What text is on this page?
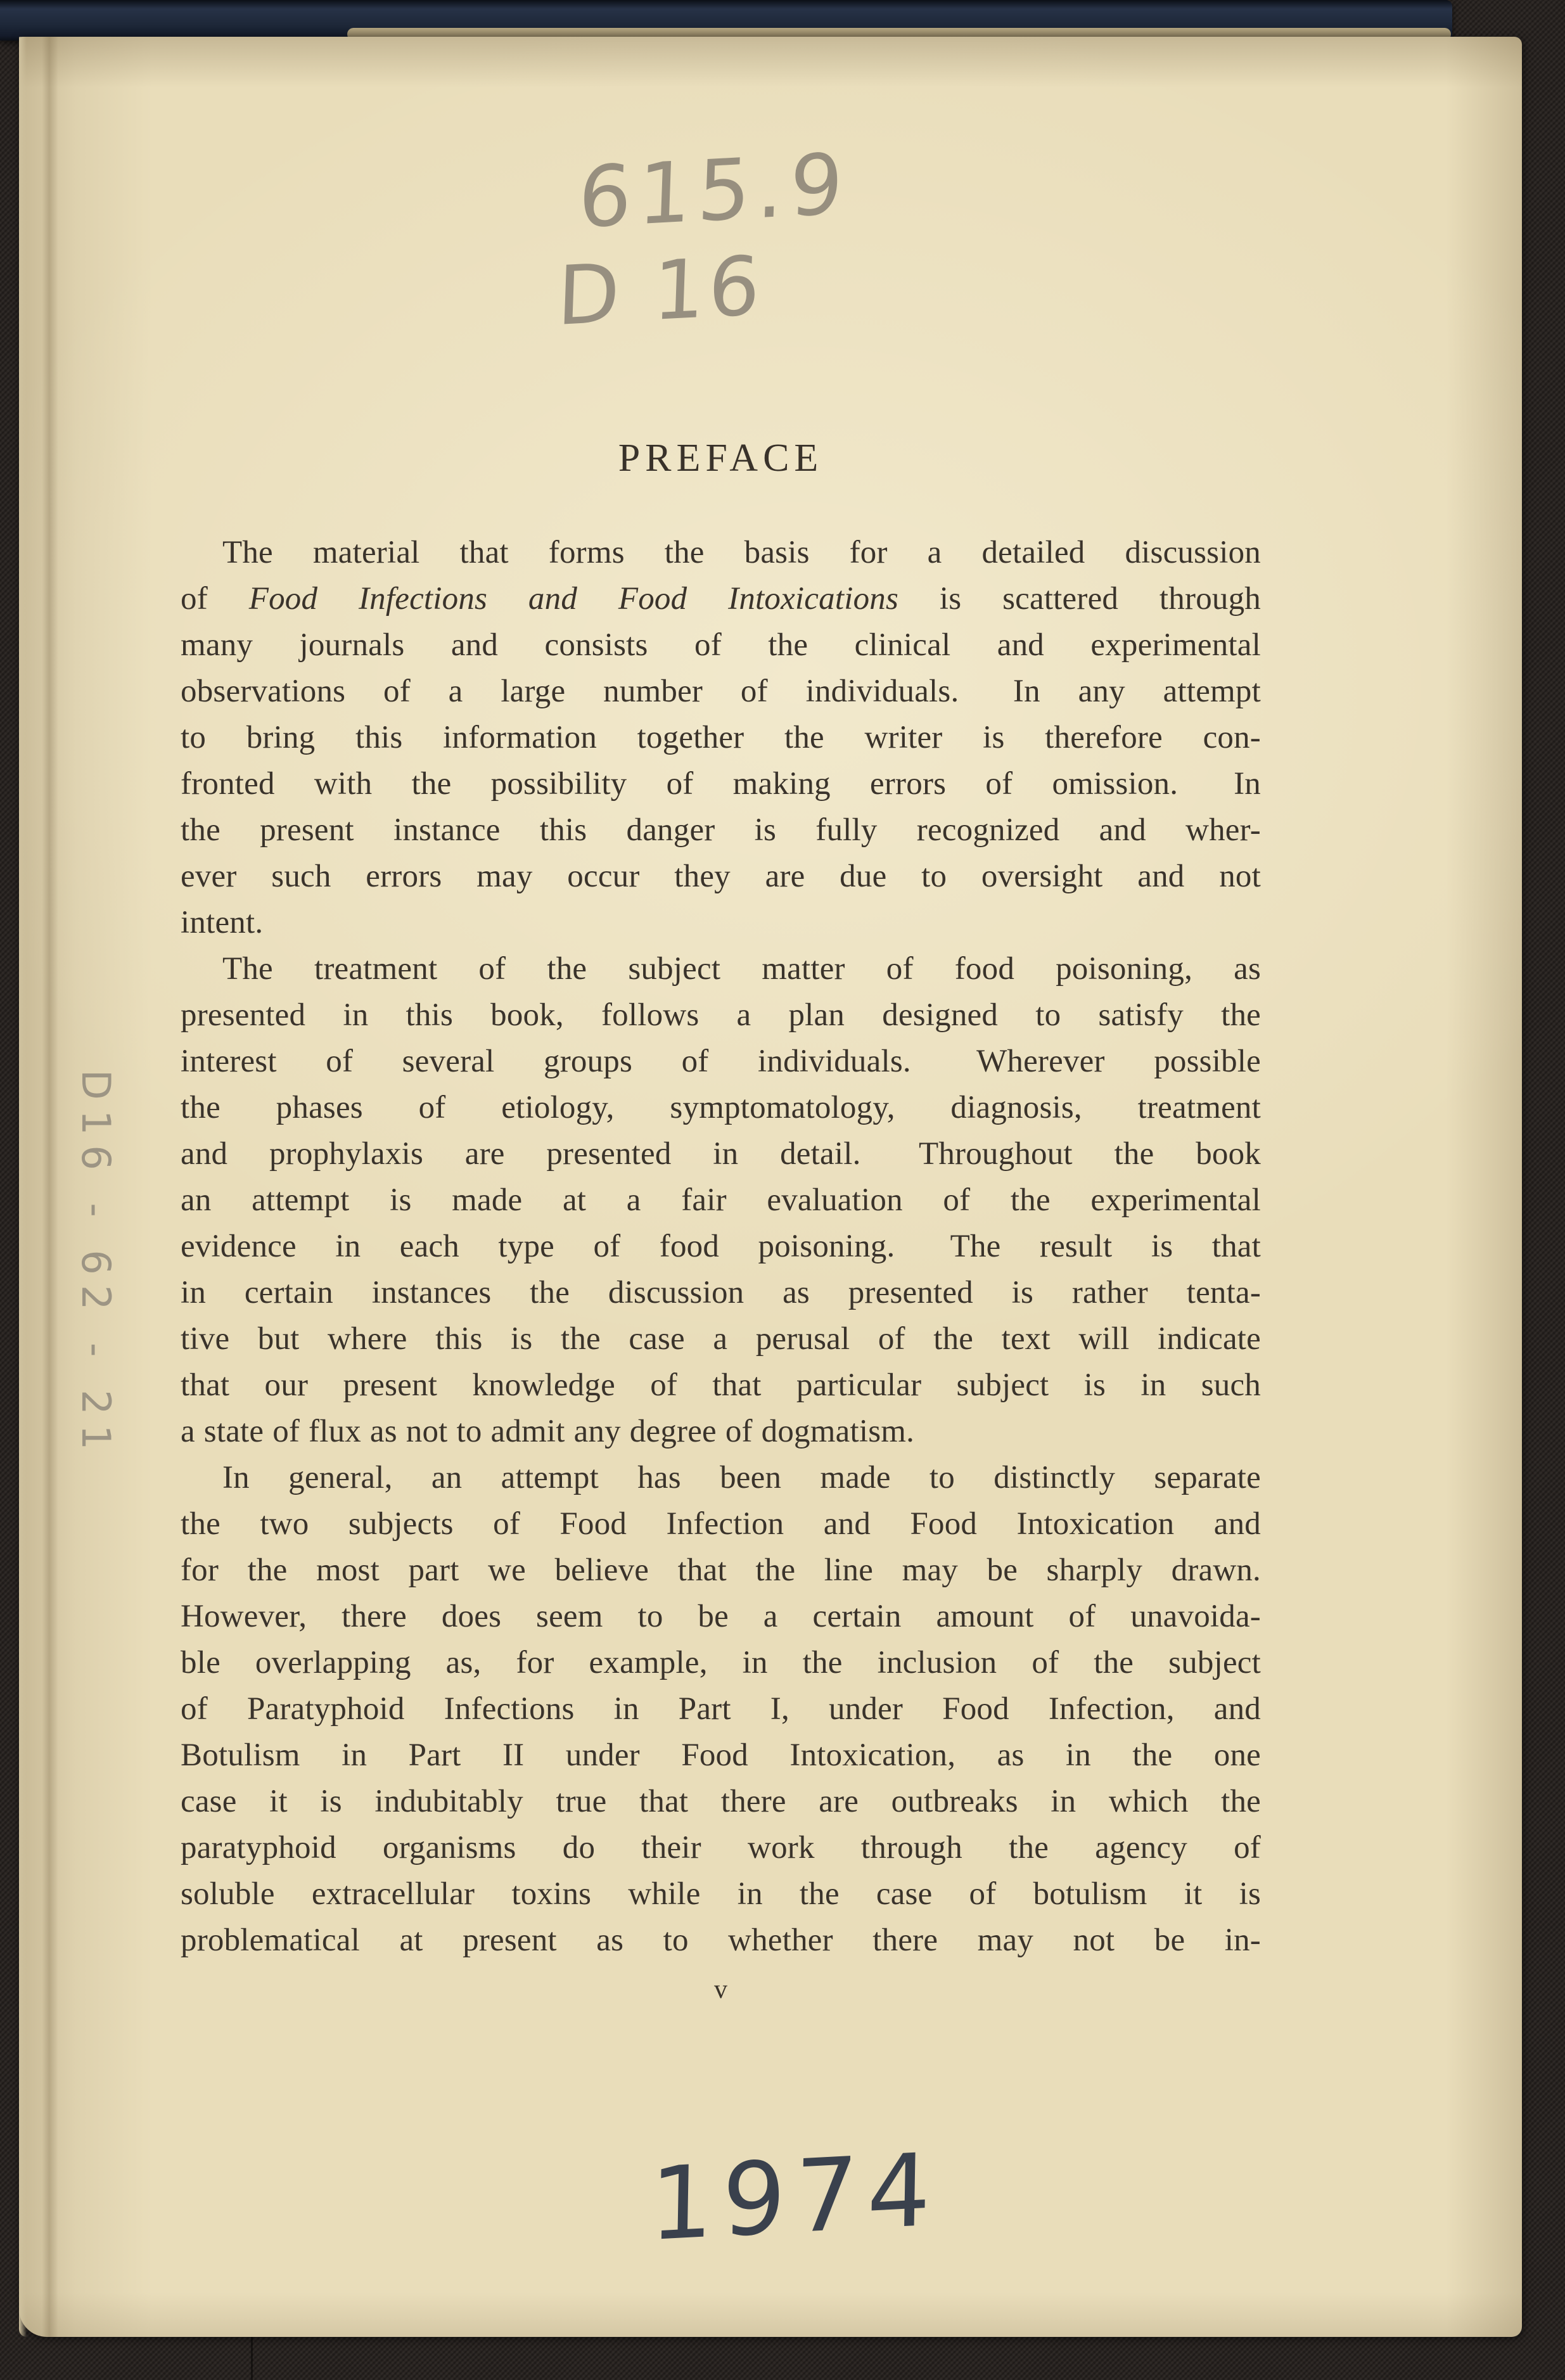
615.9
D 16
D16 - 62 - 21
PREFACE
The material that forms the basis for a detailed discussion
of Food Infections and Food Intoxications is scattered through
many journals and consists of the clinical and experimental
observations of a large number of individuals.  In any attempt
to bring this information together the writer is therefore con-
fronted with the possibility of making errors of omission.  In
the present instance this danger is fully recognized and wher-
ever such errors may occur they are due to oversight and not
intent.
The treatment of the subject matter of food poisoning, as
presented in this book, follows a plan designed to satisfy the
interest of several groups of individuals.  Wherever possible
the phases of etiology, symptomatology, diagnosis, treatment
and prophylaxis are presented in detail.  Throughout the book
an attempt is made at a fair evaluation of the experimental
evidence in each type of food poisoning.  The result is that
in certain instances the discussion as presented is rather tenta-
tive but where this is the case a perusal of the text will indicate
that our present knowledge of that particular subject is in such
a state of flux as not to admit any degree of dogmatism.
In general, an attempt has been made to distinctly separate
the two subjects of Food Infection and Food Intoxication and
for the most part we believe that the line may be sharply drawn.
However, there does seem to be a certain amount of unavoida-
ble overlapping as, for example, in the inclusion of the subject
of Paratyphoid Infections in Part I, under Food Infection, and
Botulism in Part II under Food Intoxication, as in the one
case it is indubitably true that there are outbreaks in which the
paratyphoid organisms do their work through the agency of
soluble extracellular toxins while in the case of botulism it is
problematical at present as to whether there may not be in-
v
1974
